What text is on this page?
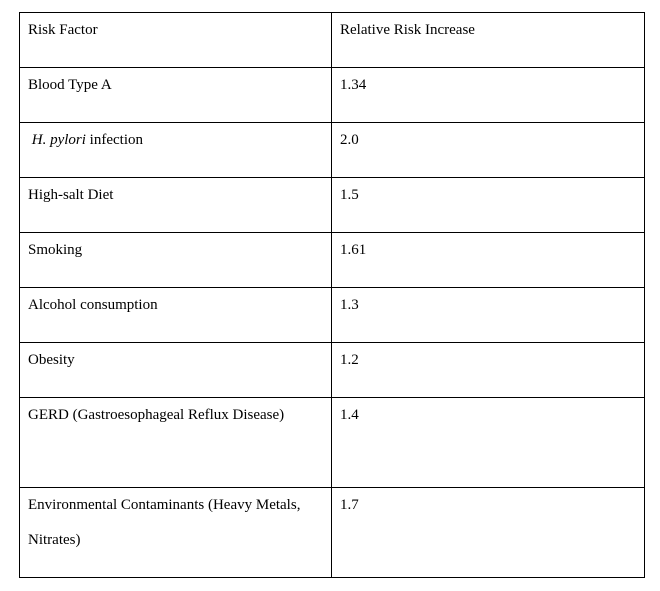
Risk Factor	Relative Risk Increase

Blood Type A	1.34

H. pylori infection	2.0

High-salt Diet	1.5

Smoking	1.61

Alcohol consumption	1.3

Obesity	1.2

GERD (Gastroesophageal Reflux Disease)	1.4

Environmental Contaminants (Heavy Metals, Nitrates)	1.7
